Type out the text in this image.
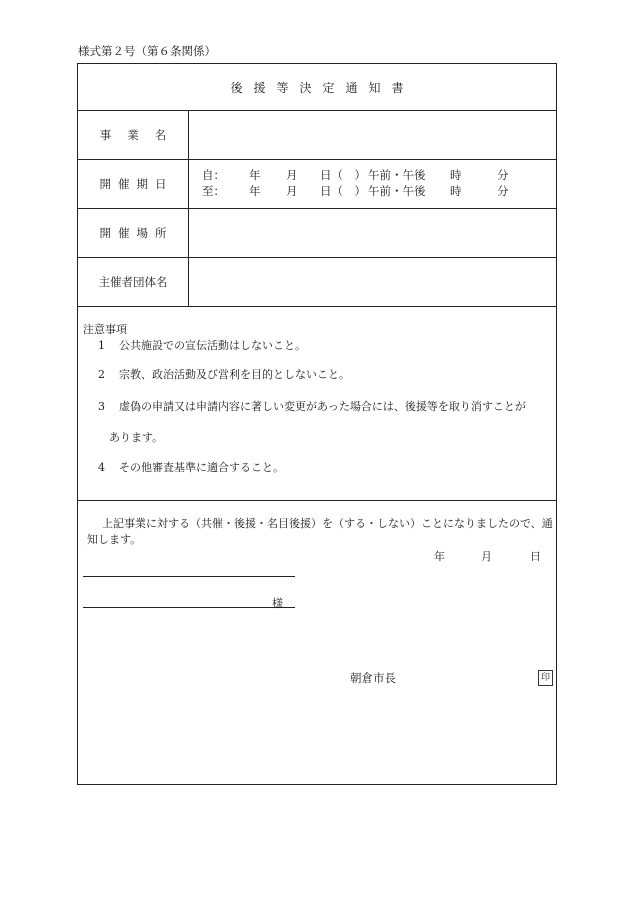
様式第２号（第６条関係）
後援等決定通知書
事業名
開催期日
自： 年 月 日（　） 午前・午後 時	分
至： 年 月 日（　） 午前・午後 時	分
開催場所
主催者団体名
注意事項
1 公共施設での宣伝活動はしないこと。
2 宗教、政治活動及び営利を目的としないこと。
3 虚偽の申請又は申請内容に著しい変更があった場合には、後援等を取り消すことが
あります。
4 その他審査基準に適合すること。
上記事業に対する（共催・後援・名目後援）を（する・しない）ことになりましたので、通知します。
年	月	日
様
朝倉市長	印
